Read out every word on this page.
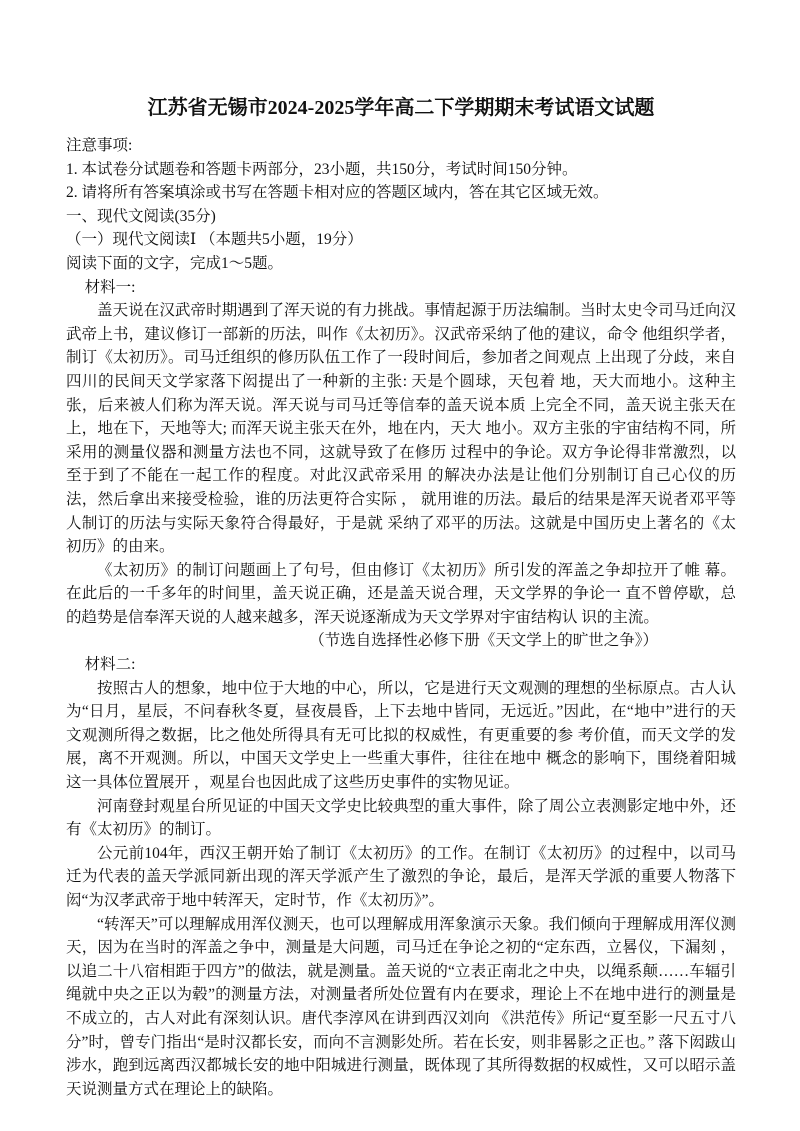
江苏省无锡市2024-2025学年高二下学期期末考试语文试题

注意事项:

1. 本试卷分试题卷和答题卡两部分，23小题，共150分，考试时间150分钟。

2. 请将所有答案填涂或书写在答题卡相对应的答题区域内，答在其它区域无效。

一、现代文阅读(35分)

（一）现代文阅读Ⅰ （本题共5小题，19分）

阅读下面的文字，完成1～5题。

材料一:

盖天说在汉武帝时期遇到了浑天说的有力挑战。事情起源于历法编制。当时太史令司马迁向汉武帝上书，建议修订一部新的历法，叫作《太初历》。汉武帝采纳了他的建议，命令 他组织学者，制订《太初历》。司马迁组织的修历队伍工作了一段时间后，参加者之间观点 上出现了分歧，来自四川的民间天文学家落下闳提出了一种新的主张: 天是个圆球，天包着 地，天大而地小。这种主张，后来被人们称为浑天说。浑天说与司马迁等信奉的盖天说本质 上完全不同，盖天说主张天在上，地在下，天地等大; 而浑天说主张天在外，地在内，天大 地小。双方主张的宇宙结构不同，所采用的测量仪器和测量方法也不同，这就导致了在修历 过程中的争论。双方争论得非常激烈，以至于到了不能在一起工作的程度。对此汉武帝采用 的解决办法是让他们分别制订自己心仪的历法，然后拿出来接受检验，谁的历法更符合实际 ， 就用谁的历法。最后的结果是浑天说者邓平等人制订的历法与实际天象符合得最好，于是就 采纳了邓平的历法。这就是中国历史上著名的《太初历》的由来。

《太初历》的制订问题画上了句号，但由修订《太初历》所引发的浑盖之争却拉开了帷 幕。在此后的一千多年的时间里，盖天说正确，还是盖天说合理，天文学界的争论一 直不曾停歇，总的趋势是信奉浑天说的人越来越多，浑天说逐渐成为天文学界对宇宙结构认 识的主流。

（节选自选择性必修下册《天文学上的旷世之争》）

材料二:

按照古人的想象，地中位于大地的中心，所以，它是进行天文观测的理想的坐标原点。古人认为“日月，星辰，不问春秋冬夏，昼夜晨昏，上下去地中皆同，无远近。”因此，在“地中”进行的天文观测所得之数据，比之他处所得具有无可比拟的权威性，有更重要的参 考价值，而天文学的发展，离不开观测。所以，中国天文学史上一些重大事件，往往在地中 概念的影响下，围绕着阳城这一具体位置展开 ，观星台也因此成了这些历史事件的实物见证。

河南登封观星台所见证的中国天文学史比较典型的重大事件，除了周公立表测影定地中外，还有《太初历》的制订。

公元前104年，西汉王朝开始了制订《太初历》的工作。在制订《太初历》的过程中，以司马迁为代表的盖天学派同新出现的浑天学派产生了激烈的争论，最后，是浑天学派的重要人物落下闳“为汉孝武帝于地中转浑天，定时节，作《太初历》”。

“转浑天”可以理解成用浑仪测天，也可以理解成用浑象演示天象。我们倾向于理解成用浑仪测天，因为在当时的浑盖之争中，测量是大问题，司马迁在争论之初的“定东西，立晷仪，下漏刻 ，以追二十八宿相距于四方”的做法，就是测量。盖天说的“立表正南北之中央，以绳系颠……车辐引绳就中央之正以为毂”的测量方法，对测量者所处位置有内在要求，理论上不在地中进行的测量是不成立的，古人对此有深刻认识。唐代李淳风在讲到西汉刘向 《洪范传》所记“夏至影一尺五寸八分”时，曾专门指出“是时汉都长安，而向不言测影处所。若在长安，则非晷影之正也。” 落下闳跋山涉水，跑到远离西汉都城长安的地中阳城进行测量，既体现了其所得数据的权威性，又可以昭示盖天说测量方式在理论上的缺陷。
